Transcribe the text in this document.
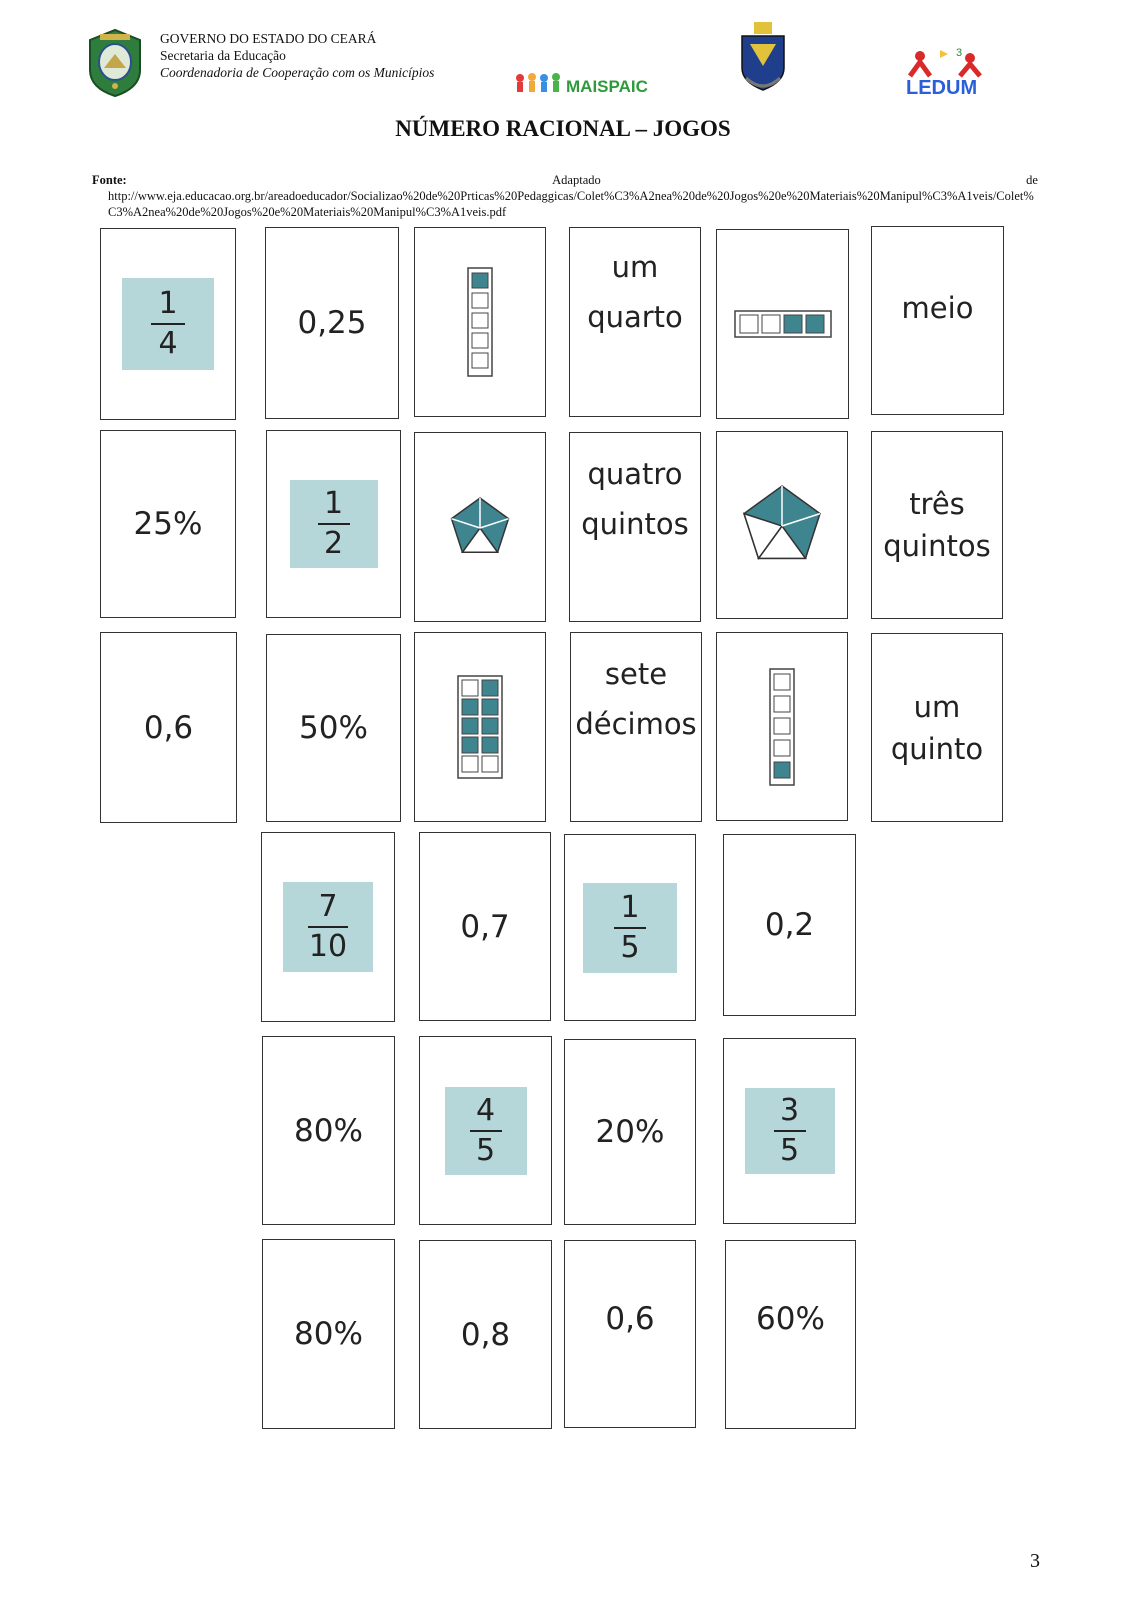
GOVERNO DO ESTADO DO CEARÁ
Secretaria da Educação
Coordenadoria de Cooperação com os Municípios
MAISPAIC
3
LEDUM
NÚMERO RACIONAL – JOGOS
Fonte:	Adaptado	de
http://www.eja.educacao.org.br/areadoeducador/Socializao%20de%20Prticas%20Pedaggicas/Colet%C3%A2nea%20de%20Jogos%20e%20Materiais%20Manipul%C3%A1veis/Colet%C3%A2nea%20de%20Jogos%20e%20Materiais%20Manipul%C3%A1veis.pdf
1
4
0,25
um
quarto	meio
25%
1
2
quatro
quintos
três
quintos
0,6	50%
sete
décimos
um
quinto
7
10
0,7
1
5
0,2
80%
4
5	20%
3
5
80%	0,8	0,6	60%
3
